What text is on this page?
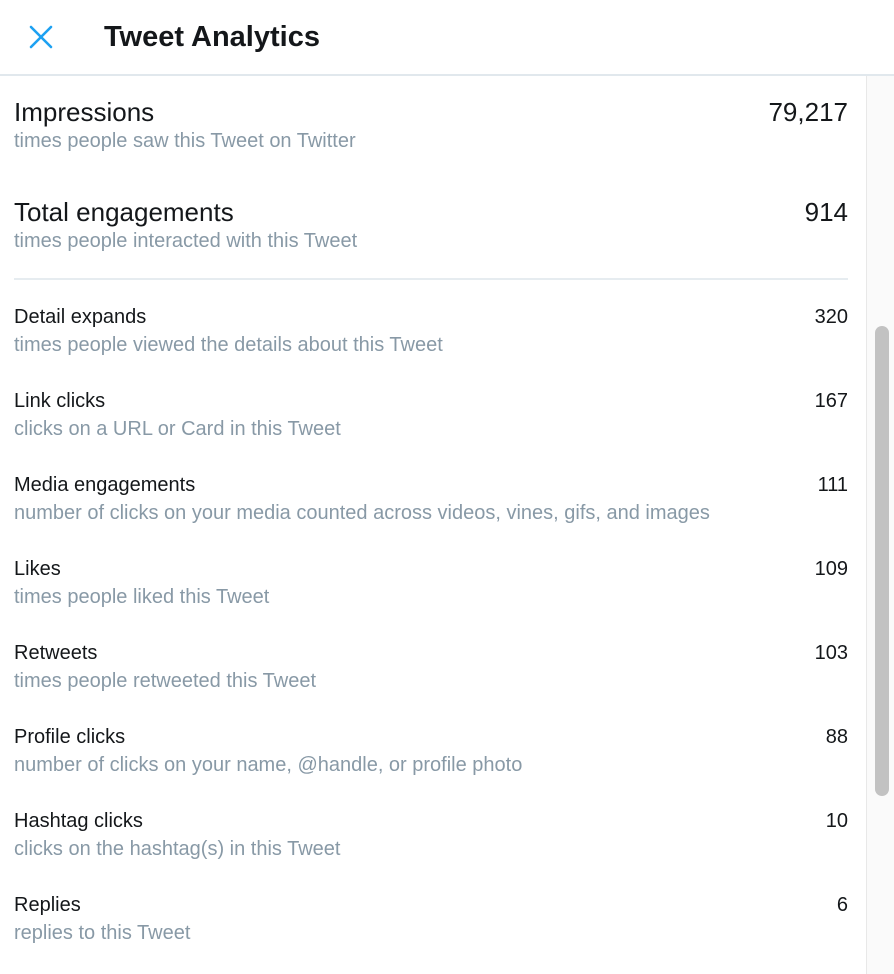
Tweet Analytics
Impressions	79,217
times people saw this Tweet on Twitter
Total engagements	914
times people interacted with this Tweet
Detail expands	320
times people viewed the details about this Tweet
Link clicks	167
clicks on a URL or Card in this Tweet
Media engagements	111
number of clicks on your media counted across videos, vines, gifs, and images
Likes	109
times people liked this Tweet
Retweets	103
times people retweeted this Tweet
Profile clicks	88
number of clicks on your name, @handle, or profile photo
Hashtag clicks	10
clicks on the hashtag(s) in this Tweet
Replies	6
replies to this Tweet
